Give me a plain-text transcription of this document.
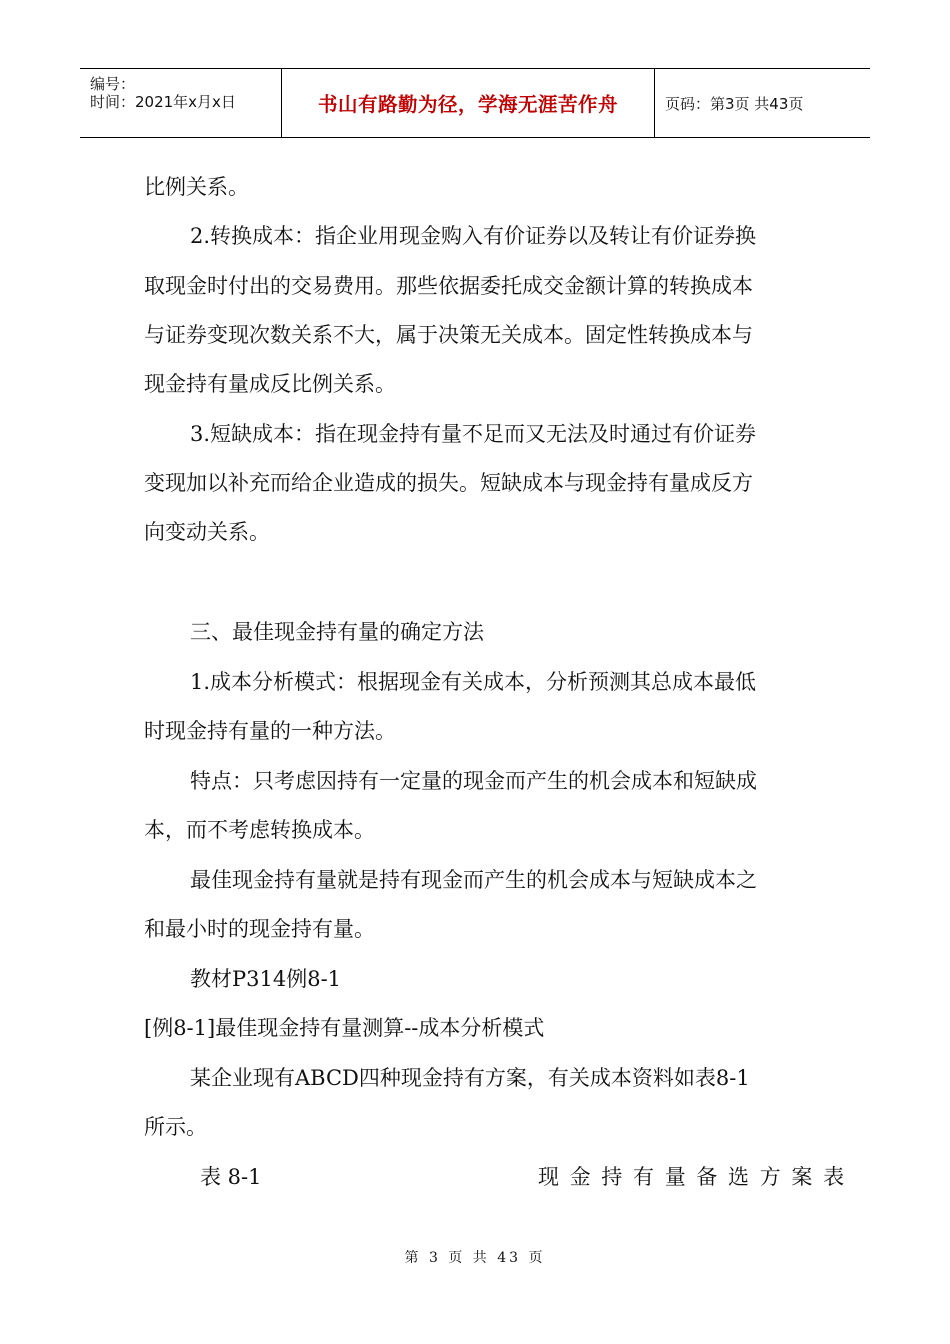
编号：
时间：2021年x月x日	书山有路勤为径，学海无涯苦作舟	页码：第3页 共43页
比例关系。
2.转换成本：指企业用现金购入有价证券以及转让有价证券换
取现金时付出的交易费用。那些依据委托成交金额计算的转换成本
与证券变现次数关系不大，属于决策无关成本。固定性转换成本与
现金持有量成反比例关系。
3.短缺成本：指在现金持有量不足而又无法及时通过有价证券
变现加以补充而给企业造成的损失。短缺成本与现金持有量成反方
向变动关系。
三、最佳现金持有量的确定方法
1.成本分析模式：根据现金有关成本，分析预测其总成本最低
时现金持有量的一种方法。
特点：只考虑因持有一定量的现金而产生的机会成本和短缺成
本，而不考虑转换成本。
最佳现金持有量就是持有现金而产生的机会成本与短缺成本之
和最小时的现金持有量。
教材P314例8-1
[例8-1]最佳现金持有量测算--成本分析模式
某企业现有ABCD四种现金持有方案，有关成本资料如表8-1
所示。
表 8-1	现 金 持 有 量 备 选 方 案 表
第 3 页 共 43 页
